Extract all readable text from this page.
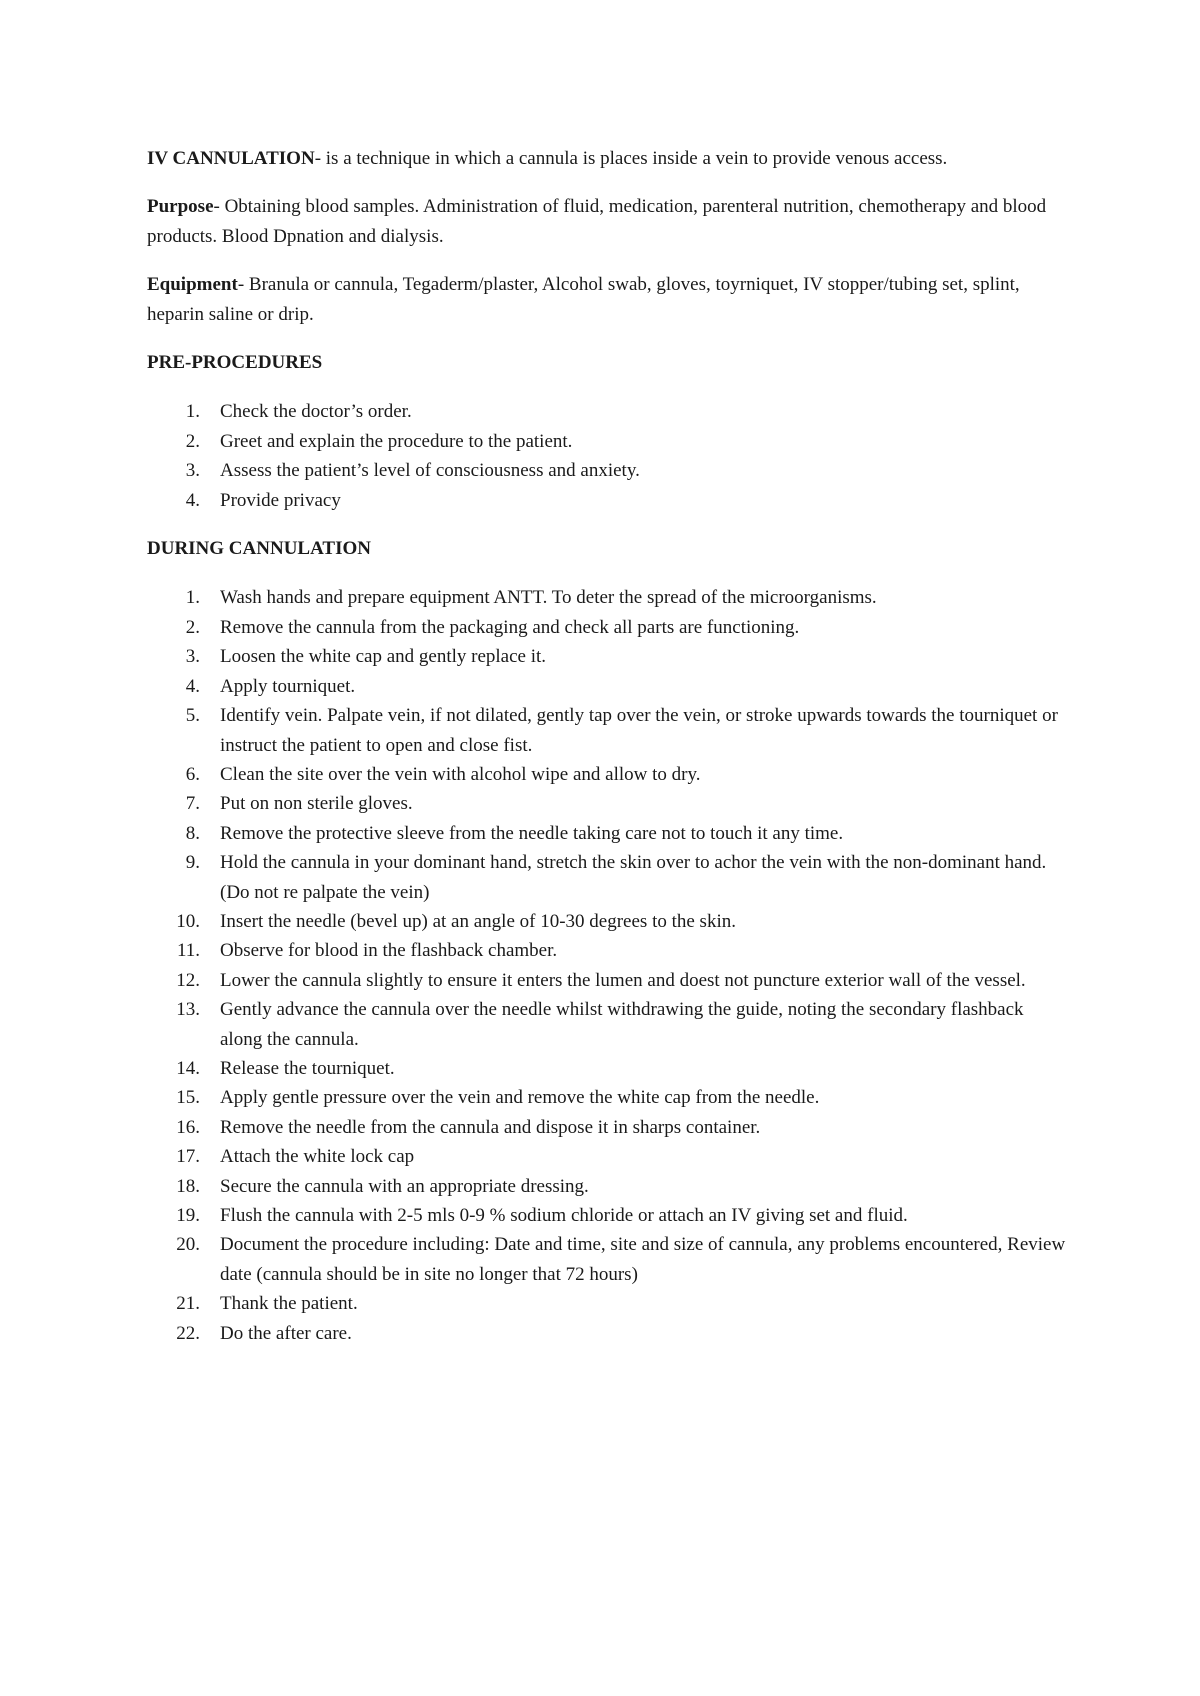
IV CANNULATION- is a technique in which a cannula is places inside a vein to provide venous access.

Purpose- Obtaining blood samples. Administration of fluid, medication, parenteral nutrition, chemotherapy and blood products. Blood Dpnation and dialysis.

Equipment- Branula or cannula, Tegaderm/plaster, Alcohol swab, gloves, toyrniquet, IV stopper/tubing set, splint, heparin saline or drip.

PRE-PROCEDURES
1. Check the doctor’s order.
2. Greet and explain the procedure to the patient.
3. Assess the patient’s level of consciousness and anxiety.
4. Provide privacy
DURING CANNULATION
1. Wash hands and prepare equipment ANTT. To deter the spread of the microorganisms.
2. Remove the cannula from the packaging and check all parts are functioning.
3. Loosen the white cap and gently replace it.
4. Apply tourniquet.
5. Identify vein. Palpate vein, if not dilated, gently tap over the vein, or stroke upwards towards the tourniquet or instruct the patient to open and close fist.
6. Clean the site over the vein with alcohol wipe and allow to dry.
7. Put on non sterile gloves.
8. Remove the protective sleeve from the needle taking care not to touch it any time.
9. Hold the cannula in your dominant hand, stretch the skin over to achor the vein with the non-dominant hand. (Do not re palpate the vein)
10. Insert the needle (bevel up) at an angle of 10-30 degrees to the skin.
11. Observe for blood in the flashback chamber.
12. Lower the cannula slightly to ensure it enters the lumen and doest not puncture exterior wall of the vessel.
13. Gently advance the cannula over the needle whilst withdrawing the guide, noting the secondary flashback along the cannula.
14. Release the tourniquet.
15. Apply gentle pressure over the vein and remove the white cap from the needle.
16. Remove the needle from the cannula and dispose it in sharps container.
17. Attach the white lock cap
18. Secure the cannula with an appropriate dressing.
19. Flush the cannula with 2-5 mls 0-9 % sodium chloride or attach an IV giving set and fluid.
20. Document the procedure including: Date and time, site and size of cannula, any problems encountered, Review date (cannula should be in site no longer that 72 hours)
21. Thank the patient.
22. Do the after care.
